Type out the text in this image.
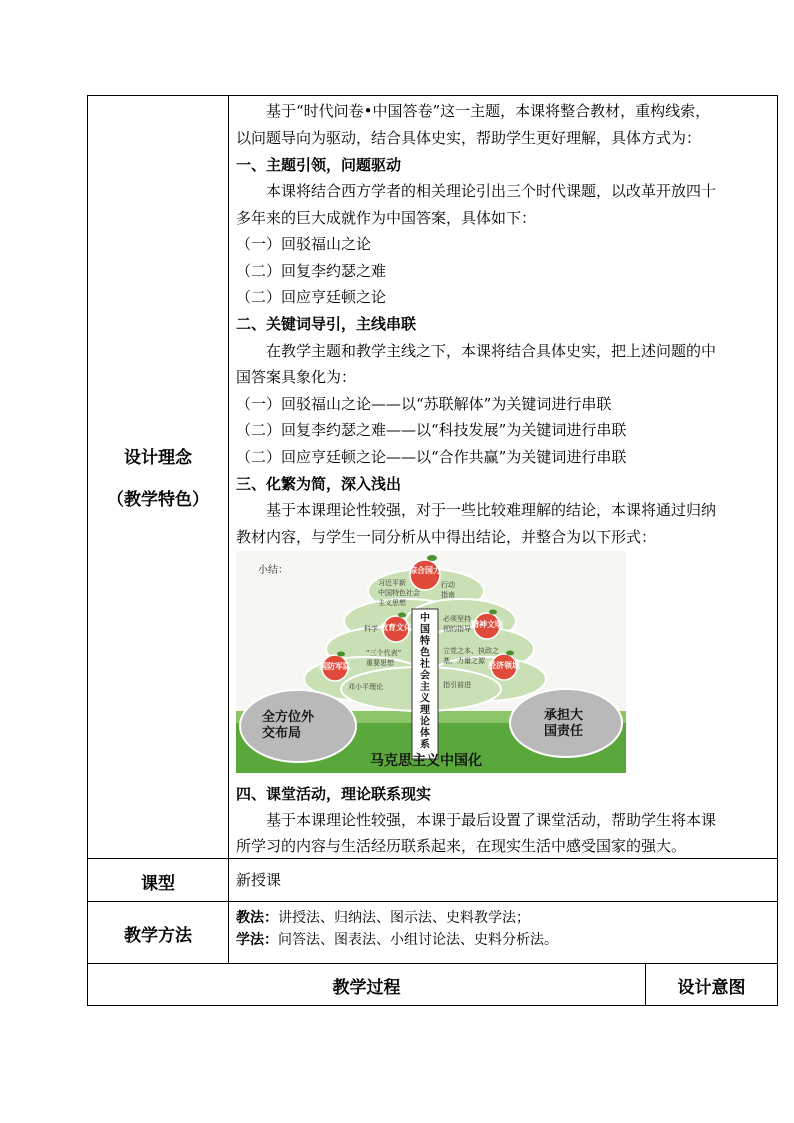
设计理念
（教学特色）
基于“时代问卷•中国答卷”这一主题，本课将整合教材，重构线索，
以问题导向为驱动，结合具体史实，帮助学生更好理解，具体方式为：
一、主题引领，问题驱动
本课将结合西方学者的相关理论引出三个时代课题，以改革开放四十
多年来的巨大成就作为中国答案，具体如下：
（一）回驳福山之论
（二）回复李约瑟之难
（二）回应亨廷顿之论
二、关键词导引，主线串联
在教学主题和教学主线之下，本课将结合具体史实，把上述问题的中
国答案具象化为：
（一）回驳福山之论——以“苏联解体”为关键词进行串联
（二）回复李约瑟之难——以“科技发展”为关键词进行串联
（二）回应亨廷顿之论——以“合作共赢”为关键词进行串联
三、化繁为简，深入浅出
基于本课理论性较强，对于一些比较难理解的结论，本课将通过归纳
教材内容，与学生一同分析从中得出结论，并整合为以下形式：
综合国力
精神文明
教育文化
国防军队	经济领域
习近平新
中国特色社会
主义思想
行动
指南
科学
必须坚持
彻的指导
“三个代表”
重要思想
立党之本、执政之
基、力量之源
邓小平理论	指引前进
小结：
全方位外
交布局
承担大
国责任
马克思主义中国化
中国特色社会主义理论体系
四、课堂活动，理论联系现实
基于本课理论性较强，本课于最后设置了课堂活动，帮助学生将本课
所学习的内容与生活经历联系起来，在现实生活中感受国家的强大。
课型	新授课
教学方法
教法：讲授法、归纳法、图示法、史料教学法；
学法：问答法、图表法、小组讨论法、史料分析法。
教学过程	设计意图
